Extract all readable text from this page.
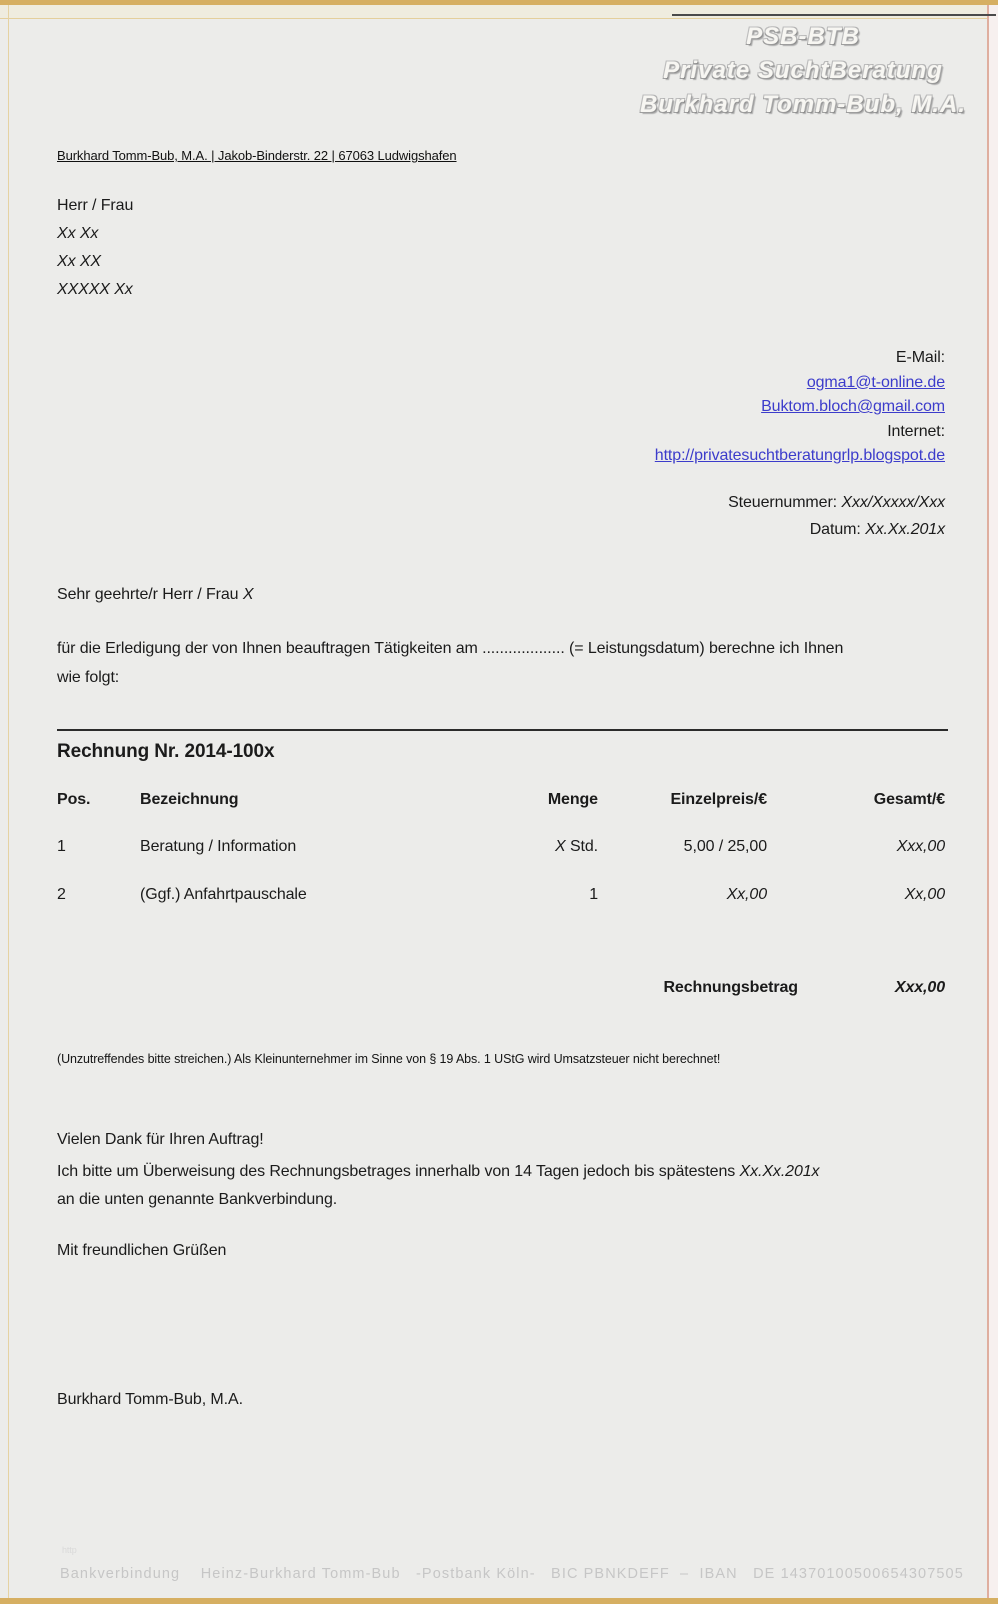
PSB-BTB
Private SuchtBeratung
Burkhard Tomm-Bub, M.A.
Burkhard Tomm-Bub, M.A. | Jakob-Binderstr. 22 | 67063 Ludwigshafen
Herr / Frau
Xx Xx
Xx XX
XXXXX Xx
E-Mail:
ogma1@t-online.de
Buktom.bloch@gmail.com
Internet:
http://privatesuchtberatungrlp.blogspot.de
Steuernummer: Xxx/Xxxxx/Xxx
Datum: Xx.Xx.201x
Sehr geehrte/r Herr / Frau X
für die Erledigung der von Ihnen beauftragen Tätigkeiten am ................... (= Leistungsdatum) berechne ich Ihnen
wie folgt:
Rechnung Nr. 2014-100x
Pos.	Bezeichnung	Menge	Einzelpreis/€	Gesamt/€
1	Beratung / Information	X Std.	5,00 / 25,00	Xxx,00
2	(Ggf.) Anfahrtpauschale	1	Xx,00	Xx,00
Rechnungsbetrag	Xxx,00
(Unzutreffendes bitte streichen.) Als Kleinunternehmer im Sinne von § 19 Abs. 1 UStG wird Umsatzsteuer nicht berechnet!
Vielen Dank für Ihren Auftrag!
Ich bitte um Überweisung des Rechnungsbetrages innerhalb von 14 Tagen jedoch bis spätestens Xx.Xx.201x
an die unten genannte Bankverbindung.
Mit freundlichen Grüßen
Burkhard Tomm-Bub, M.A.
http
Bankverbindung    Heinz-Burkhard Tomm-Bub   -Postbank Köln-   BIC PBNKDEFF  –  IBAN   DE 14370100500654307505
